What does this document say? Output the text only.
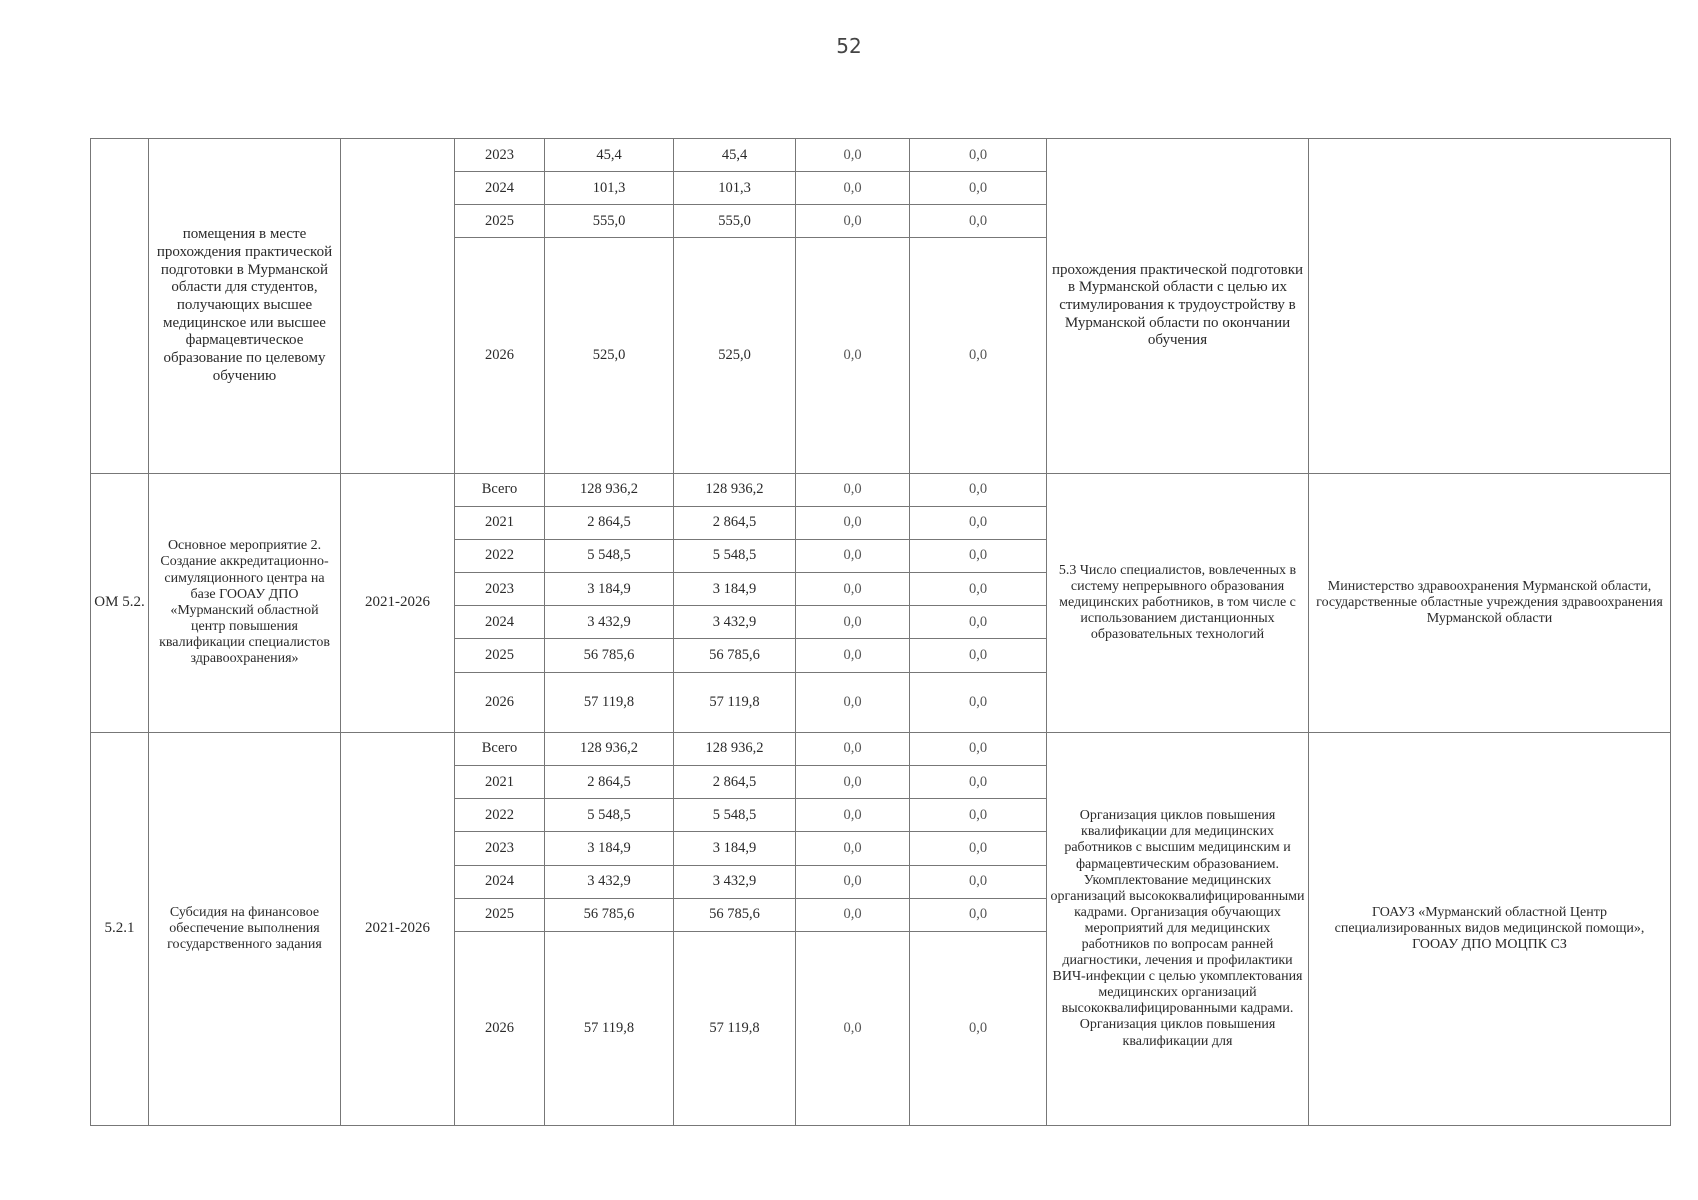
52
	помещения в месте прохождения практической подготовки в Мурманской области для студентов, получающих высшее медицинское или высшее фармацевтическое образование по целевому обучению		2023	45,4	45,4	0,0	0,0	прохождения практической подготовки в Мурманской области с целью их стимулирования к трудоустройству в Мурманской области по окончании обучения	
			2024	101,3	101,3	0,0	0,0		
			2025	555,0	555,0	0,0	0,0		
			2026	525,0	525,0	0,0	0,0		
ОМ 5.2.	Основное мероприятие 2. Создание аккредитационно-симуляционного центра на базе ГООАУ ДПО «Мурманский областной центр повышения квалификации специалистов здравоохранения»	2021-2026	Всего	128 936,2	128 936,2	0,0	0,0	5.3 Число специалистов, вовлеченных в систему непрерывного образования медицинских работников, в том числе с использованием дистанционных образовательных технологий	Министерство здравоохранения Мурманской области, государственные областные учреждения здравоохранения Мурманской области
			2021	2 864,5	2 864,5	0,0	0,0		
			2022	5 548,5	5 548,5	0,0	0,0		
			2023	3 184,9	3 184,9	0,0	0,0		
			2024	3 432,9	3 432,9	0,0	0,0		
			2025	56 785,6	56 785,6	0,0	0,0		
			2026	57 119,8	57 119,8	0,0	0,0		
5.2.1	Субсидия на финансовое обеспечение выполнения государственного задания	2021-2026	Всего	128 936,2	128 936,2	0,0	0,0	Организация циклов повышения квалификации для медицинских работников с высшим медицинским и фармацевтическим образованием. Укомплектование медицинских организаций высококвалифицированными кадрами. Организация обучающих мероприятий для медицинских работников по вопросам ранней диагностики, лечения и профилактики ВИЧ-инфекции с целью укомплектования медицинских организаций высококвалифицированными кадрами. Организация циклов повышения квалификации для	ГОАУЗ «Мурманский областной Центр специализированных видов медицинской помощи», ГООАУ ДПО МОЦПК СЗ
			2021	2 864,5	2 864,5	0,0	0,0		
			2022	5 548,5	5 548,5	0,0	0,0		
			2023	3 184,9	3 184,9	0,0	0,0		
			2024	3 432,9	3 432,9	0,0	0,0		
			2025	56 785,6	56 785,6	0,0	0,0		
			2026	57 119,8	57 119,8	0,0	0,0		
